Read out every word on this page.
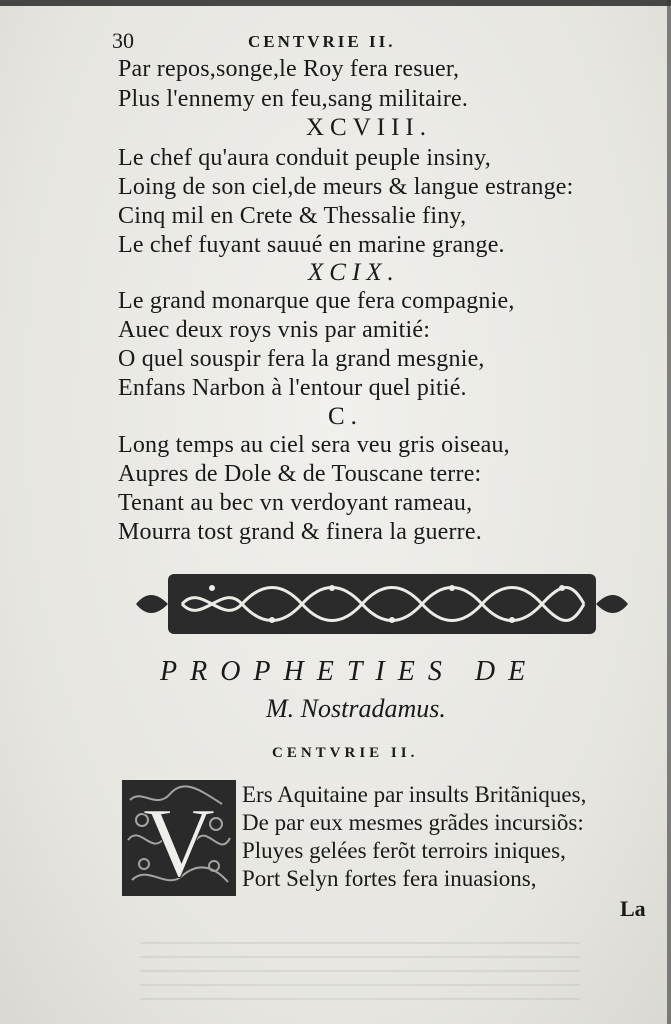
30	CENTVRIE II.
Par repos,songe,le Roy fera resuer,
Plus l'ennemy en feu,sang militaire.
XCVIII.
Le chef qu'aura conduit peuple insiny,
Loing de son ciel,de meurs & langue estrange:
Cinq mil en Crete & Thessalie finy,
Le chef fuyant sauué en marine grange.
XCIX.
Le grand monarque que fera compagnie,
Auec deux roys vnis par amitié:
O quel souspir fera la grand mesgnie,
Enfans Narbon à l'entour quel pitié.
C.
Long temps au ciel sera veu gris oiseau,
Aupres de Dole & de Touscane terre:
Tenant au bec vn verdoyant rameau,
Mourra tost grand & finera la guerre.
PROPHETIES DE
M. Nostradamus.
CENTVRIE II.
V Ers Aquitaine par insults Britãniques,
De par eux mesmes grãdes incursiõs:
Pluyes gelées ferõt terroirs iniques,
Port Selyn fortes fera inuasions,
La
